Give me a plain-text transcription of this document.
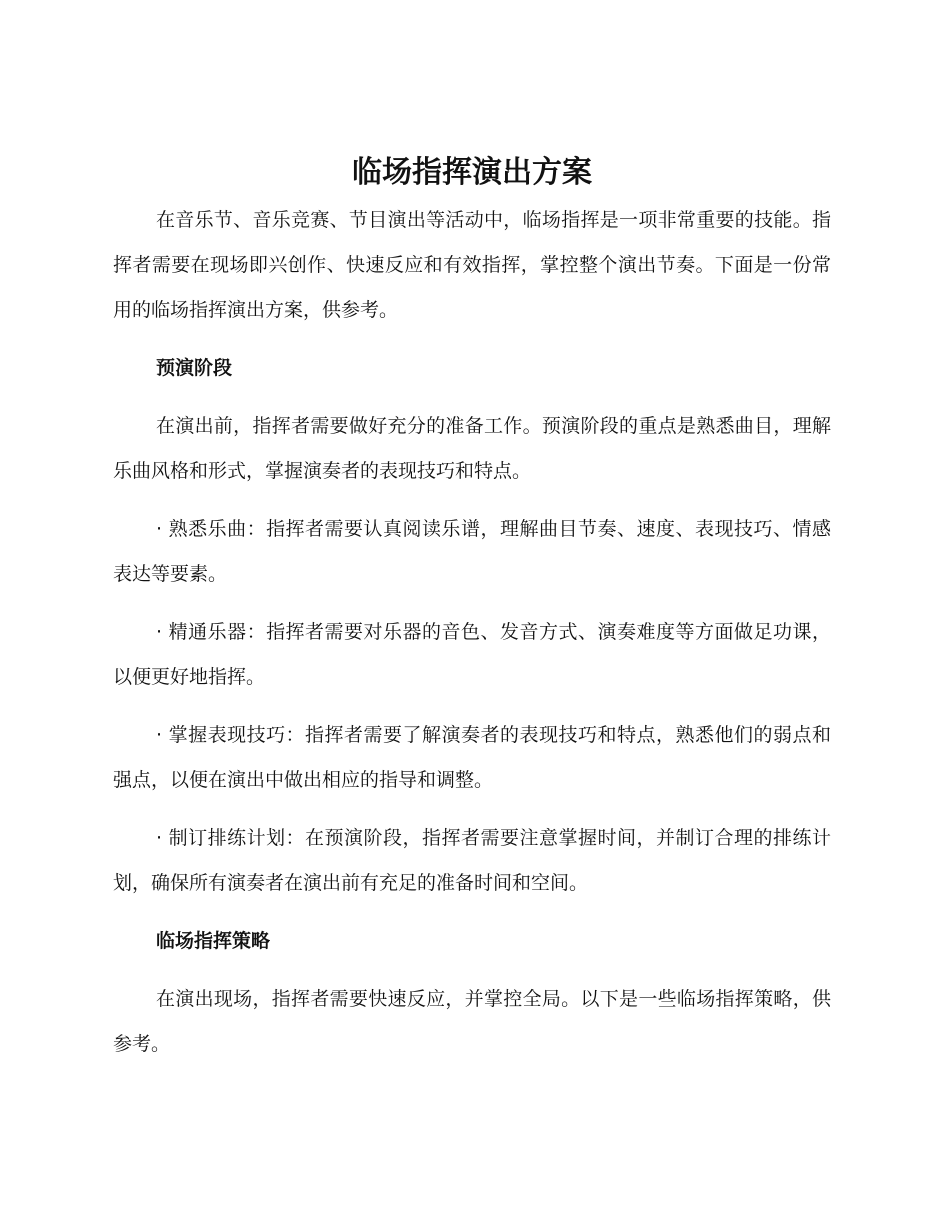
临场指挥演出方案

在音乐节、音乐竞赛、节目演出等活动中，临场指挥是一项非常重要的技能。指挥者需要在现场即兴创作、快速反应和有效指挥，掌控整个演出节奏。下面是一份常用的临场指挥演出方案，供参考。

预演阶段

在演出前，指挥者需要做好充分的准备工作。预演阶段的重点是熟悉曲目，理解乐曲风格和形式，掌握演奏者的表现技巧和特点。

· 熟悉乐曲：指挥者需要认真阅读乐谱，理解曲目节奏、速度、表现技巧、情感表达等要素。

· 精通乐器：指挥者需要对乐器的音色、发音方式、演奏难度等方面做足功课，以便更好地指挥。

· 掌握表现技巧：指挥者需要了解演奏者的表现技巧和特点，熟悉他们的弱点和强点，以便在演出中做出相应的指导和调整。

· 制订排练计划：在预演阶段，指挥者需要注意掌握时间，并制订合理的排练计划，确保所有演奏者在演出前有充足的准备时间和空间。

临场指挥策略

在演出现场，指挥者需要快速反应，并掌控全局。以下是一些临场指挥策略，供参考。
